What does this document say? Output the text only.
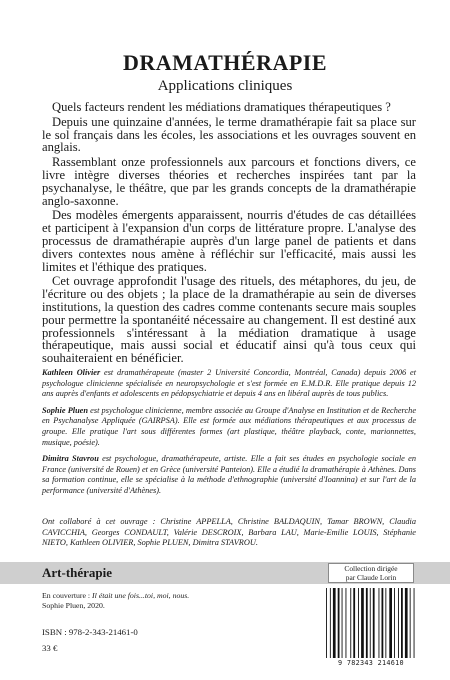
DRAMATHÉRAPIE
Applications cliniques

Quels facteurs rendent les médiations dramatiques thérapeutiques ?

Depuis une quinzaine d'années, le terme dramathérapie fait sa place sur le sol français dans les écoles, les associations et les ouvrages souvent en anglais.

Rassemblant onze professionnels aux parcours et fonctions divers, ce livre intègre diverses théories et recherches inspirées tant par la psychanalyse, le théâtre, que par les grands concepts de la dramathérapie anglo-saxonne.

Des modèles émergents apparaissent, nourris d'études de cas détaillées et participent à l'expansion d'un corps de littérature propre. L'analyse des processus de dramathérapie auprès d'un large panel de patients et dans divers contextes nous amène à réfléchir sur l'efficacité, mais aussi les limites et l'éthique des pratiques.

Cet ouvrage approfondit l'usage des rituels, des métaphores, du jeu, de l'écriture ou des objets ; la place de la dramathérapie au sein de diverses institutions, la question des cadres comme contenants secure mais souples pour permettre la spontanéité nécessaire au changement. Il est destiné aux professionnels s'intéressant à la médiation dramatique à usage thérapeutique, mais aussi social et éducatif ainsi qu'à tous ceux qui souhaiteraient en bénéficier.

Kathleen Olivier est dramathérapeute (master 2 Université Concordia, Montréal, Canada) depuis 2006 et psychologue clinicienne spécialisée en neuropsychologie et s'est formée en E.M.D.R. Elle pratique depuis 12 ans auprès d'enfants et adolescents en pédopsychiatrie et depuis 4 ans en libéral auprès de tous publics.

Sophie Pluen est psychologue clinicienne, membre associée au Groupe d'Analyse en Institution et de Recherche en Psychanalyse Appliquée (GAIRPSA). Elle est formée aux médiations thérapeutiques et aux processus de groupe. Elle pratique l'art sous différentes formes (art plastique, théâtre playback, conte, marionnettes, musique, poésie).

Dimitra Stavrou est psychologue, dramathérapeute, artiste. Elle a fait ses études en psychologie sociale en France (université de Rouen) et en Grèce (université Panteion). Elle a étudié la dramathérapie à Athènes. Dans sa formation continue, elle se spécialise à la méthode d'ethnographie (université d'Ioannina) et sur l'art de la performance (université d'Athènes).

Ont collaboré à cet ouvrage : Christine APPELLA, Christine BALDAQUIN, Tamar BROWN, Claudia CAVICCHIA, Georges CONDAULT, Valérie DESCROIX, Barbara LAU, Marie-Emilie LOUIS, Stéphanie NIETO, Kathleen OLIVIER, Sophie PLUEN, Dimitra STAVROU.
Art-thérapie	Collection dirigée
par Claude Lorin
En couverture : Il était une fois...toi, moi, nous.
Sophie Pluen, 2020.
ISBN : 978-2-343-21461-0
33 €
9 782343 214610
